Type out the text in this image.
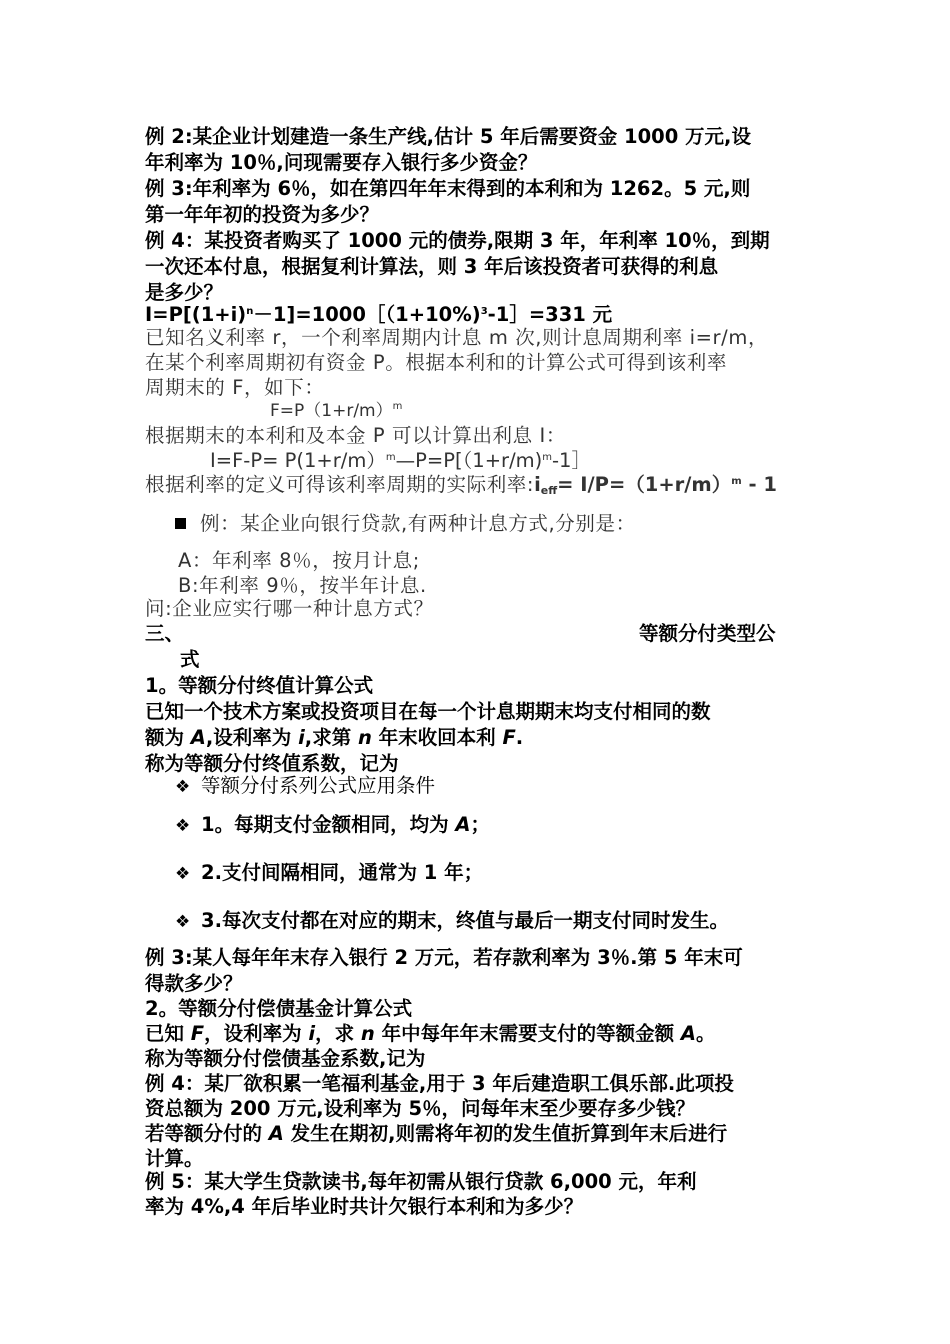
例 2:某企业计划建造一条生产线,估计 5 年后需要资金 1000 万元,设
年利率为 10％,问现需要存入银行多少资金？
例 3:年利率为 6％，如在第四年年末得到的本利和为 1262。5 元,则
第一年年初的投资为多少？
例 4：某投资者购买了 1000 元的债券,限期 3 年，年利率 10％，到期
一次还本付息，根据复利计算法，则 3 年后该投资者可获得的利息
是多少？
$I=P[(1+i)^n-1]=1000[(1+10\%)^3-1]=331$ 元
已知名义利率 r，一个利率周期内计息 m 次,则计息周期利率 i=r/m，
在某个利率周期初有资金 P。根据本利和的计算公式可得到该利率
周期末的 F，如下：
$F=P(1+r/m)^m$
根据期末的本利和及本金 P 可以计算出利息 I：
I=F-P= P(1+r/m）$^m$—P=P[（1+r/m)$^m$-1］
根据利率的定义可得该利率周期的实际利率$:i_{eff}= I/P=(1+r/m)^m - 1$
例：某企业向银行贷款,有两种计息方式,分别是：
A：年利率 8％，按月计息;
B:年利率 9％，按半年计息.
问:企业应实行哪一种计息方式？
三、	等额分付类型公
式
1。等额分付终值计算公式
已知一个技术方案或投资项目在每一个计息期期末均支付相同的数
额为 A,设利率为 i,求第 n 年末收回本利 F.
称为等额分付终值系数，记为
❖ 等额分付系列公式应用条件
❖ 1。每期支付金额相同，均为 A；
❖ 2.支付间隔相同，通常为 1 年；
❖ 3.每次支付都在对应的期末，终值与最后一期支付同时发生。
例 3:某人每年年末存入银行 2 万元，若存款利率为 3％.第 5 年末可
得款多少？
2。等额分付偿债基金计算公式
已知 F，设利率为 i，求 n 年中每年年末需要支付的等额金额 A。
称为等额分付偿债基金系数,记为
例 4：某厂欲积累一笔福利基金,用于 3 年后建造职工俱乐部.此项投
资总额为 200 万元,设利率为 5％，问每年末至少要存多少钱？
若等额分付的 A 发生在期初,则需将年初的发生值折算到年末后进行
计算。
例 5：某大学生贷款读书,每年初需从银行贷款 6,000 元，年利
率为 4%,4 年后毕业时共计欠银行本利和为多少？
